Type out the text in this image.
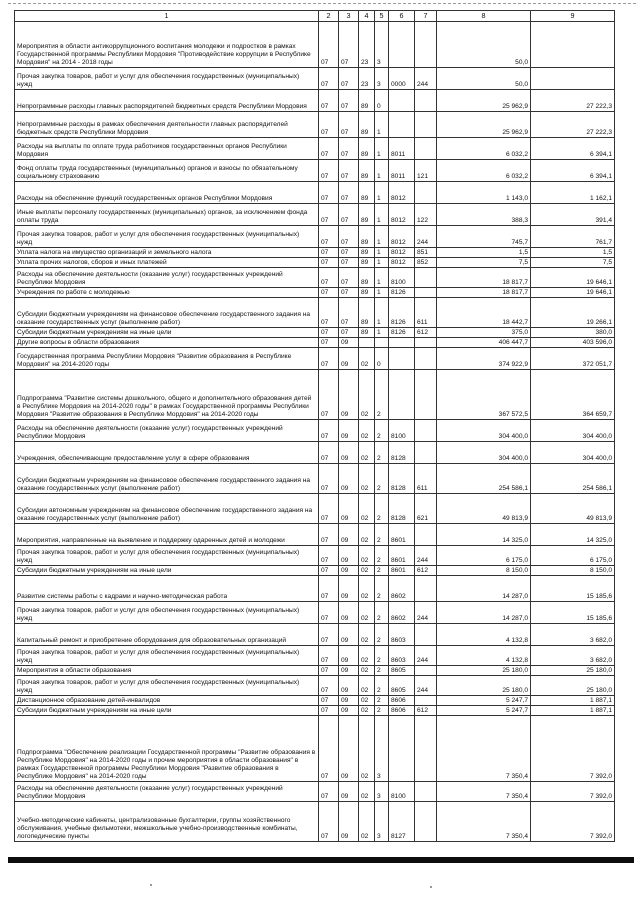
1	2	3	4	5	6	7	8	9
Мероприятия в области антикоррупционного воспитания молодежи и подростков в рамках Государственной программы Республики Мордовия "Противодействие коррупции в Республике Мордовия" на 2014 - 2018 годы	07	07	23	3			50,0	
Прочая закупка товаров, работ и услуг для обеспечения государственных (муниципальных) нужд	07	07	23	3	0000	244	50,0	
Непрограммные расходы главных распорядителей бюджетных средств Республики Мордовия	07	07	89	0			25 962,9	27 222,3
Непрограммные расходы в рамках обеспечения деятельности главных распорядителей бюджетных средств Республики Мордовия	07	07	89	1			25 962,9	27 222,3
Расходы на выплаты по оплате труда работников государственных органов Республики Мордовия	07	07	89	1	8011		6 032,2	6 394,1
Фонд оплаты труда государственных (муниципальных) органов и взносы по обязательному социальному страхованию	07	07	89	1	8011	121	6 032,2	6 394,1
Расходы на обеспечение функций государственных органов Республики Мордовия	07	07	89	1	8012		1 143,0	1 162,1
Иные выплаты персоналу государственных (муниципальных) органов, за исключением фонда оплаты труда	07	07	89	1	8012	122	388,3	391,4
Прочая закупка товаров, работ и услуг для обеспечения государственных (муниципальных) нужд	07	07	89	1	8012	244	745,7	761,7
Уплата налога на имущество организаций и земельного налога	07	07	89	1	8012	851	1,5	1,5
Уплата прочих налогов, сборов и иных платежей	07	07	89	1	8012	852	7,5	7,5
Расходы на обеспечение деятельности (оказание услуг) государственных учреждений Республики Мордовия	07	07	89	1	8100		18 817,7	19 646,1
Учреждения по работе с молодежью	07	07	89	1	8126		18 817,7	19 646,1
Субсидии бюджетным учреждениям на финансовое обеспечение государственного задания на оказание государственных услуг (выполнение работ)	07	07	89	1	8126	611	18 442,7	19 266,1
Субсидии бюджетным учреждениям на иные цели	07	07	89	1	8126	612	375,0	380,0
Другие вопросы в области образования	07	09					406 447,7	403 596,0
Государственная программа Республики Мордовия "Развитие образования в Республике Мордовия" на 2014-2020 годы	07	09	02	0			374 922,9	372 051,7
Подпрограмма "Развитие системы дошкольного, общего и дополнительного образования детей в Республике Мордовия на 2014-2020 годы" в рамках Государственной программы Республики Мордовия "Развитие образования в Республике Мордовия" на 2014-2020 годы	07	09	02	2			367 572,5	364 659,7
Расходы на обеспечение деятельности (оказание услуг) государственных учреждений Республики Мордовия	07	09	02	2	8100		304 400,0	304 400,0
Учреждения, обеспечивающие предоставление услуг в сфере образования	07	09	02	2	8128		304 400,0	304 400,0
Субсидии бюджетным учреждениям на финансовое обеспечение государственного задания на оказание государственных услуг (выполнение работ)	07	09	02	2	8128	611	254 586,1	254 586,1
Субсидии автономным учреждениям на финансовое обеспечение государственного задания на оказание государственных услуг (выполнение работ)	07	09	02	2	8128	621	49 813,9	49 813,9
Мероприятия, направленные на выявление и поддержку одаренных детей и молодежи	07	09	02	2	8601		14 325,0	14 325,0
Прочая закупка товаров, работ и услуг для обеспечения государственных (муниципальных) нужд	07	09	02	2	8601	244	6 175,0	6 175,0
Субсидии бюджетным учреждениям на иные цели	07	09	02	2	8601	612	8 150,0	8 150,0
Развитие системы работы с кадрами и научно-методическая работа	07	09	02	2	8602		14 287,0	15 185,6
Прочая закупка товаров, работ и услуг для обеспечения государственных (муниципальных) нужд	07	09	02	2	8602	244	14 287,0	15 185,6
Капитальный ремонт и приобретение оборудования для образовательных организаций	07	09	02	2	8603		4 132,8	3 682,0
Прочая закупка товаров, работ и услуг для обеспечения государственных (муниципальных) нужд	07	09	02	2	8603	244	4 132,8	3 682,0
Мероприятия в области образования	07	09	02	2	8605		25 180,0	25 180,0
Прочая закупка товаров, работ и услуг для обеспечения государственных (муниципальных) нужд	07	09	02	2	8605	244	25 180,0	25 180,0
Дистанционное образование детей-инвалидов	07	09	02	2	8606		5 247,7	1 887,1
Субсидии бюджетным учреждениям на иные цели	07	09	02	2	8606	612	5 247,7	1 887,1
Подпрограмма "Обеспечение реализации Государственной программы "Развитие образования в Республике Мордовия" на 2014-2020 годы и прочие мероприятия в области образования" в рамках Государственной программы Республики Мордовия "Развитие образования в Республике Мордовия" на 2014-2020 годы	07	09	02	3			7 350,4	7 392,0
Расходы на обеспечение деятельности (оказание услуг) государственных учреждений Республики Мордовия	07	09	02	3	8100		7 350,4	7 392,0
Учебно-методические кабинеты, централизованные бухгалтерии, группы хозяйственного обслуживания, учебные фильмотеки, межшкольные учебно-производственные комбинаты, логопедические пункты	07	09	02	3	8127		7 350,4	7 392,0
